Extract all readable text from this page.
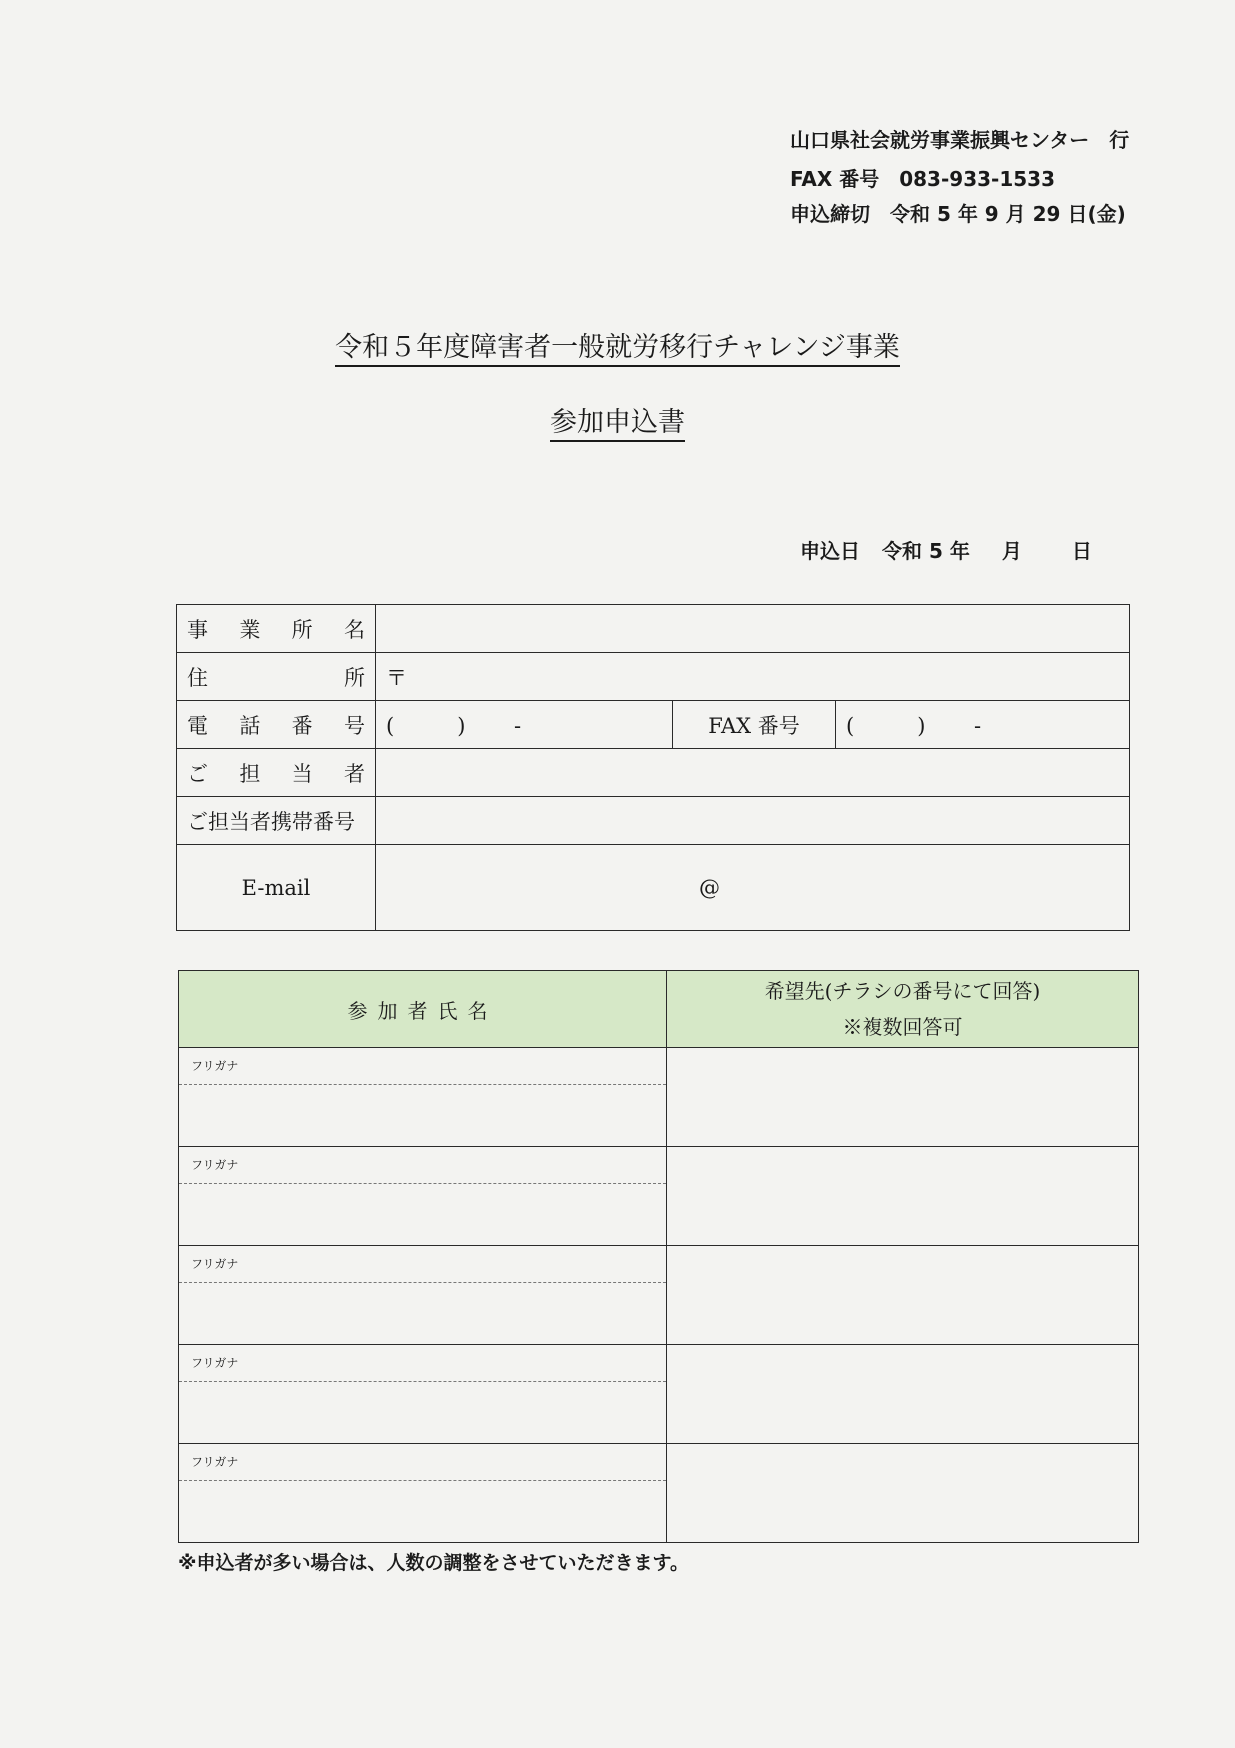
山口県社会就労事業振興センター　行
FAX 番号　083-933-1533
申込締切　令和 5 年 9 月 29 日(金)
令和５年度障害者一般就労移行チャレンジ事業
参加申込書
申込日 令和 5 年 月	日
事 業 所 名			

住 所	〒		

電 話 番 号	(　　　)　　 -	FAX 番号	(　　　)　　 -

ご 担 当 者			

ご担当者携帯番号			
E-mail	@		
参加者氏名	希望先(チラシの番号にて回答)
※複数回答可

フリガナ	

フリガナ	

フリガナ	

フリガナ	

フリガナ	

※申込者が多い場合は、人数の調整をさせていただきます。
